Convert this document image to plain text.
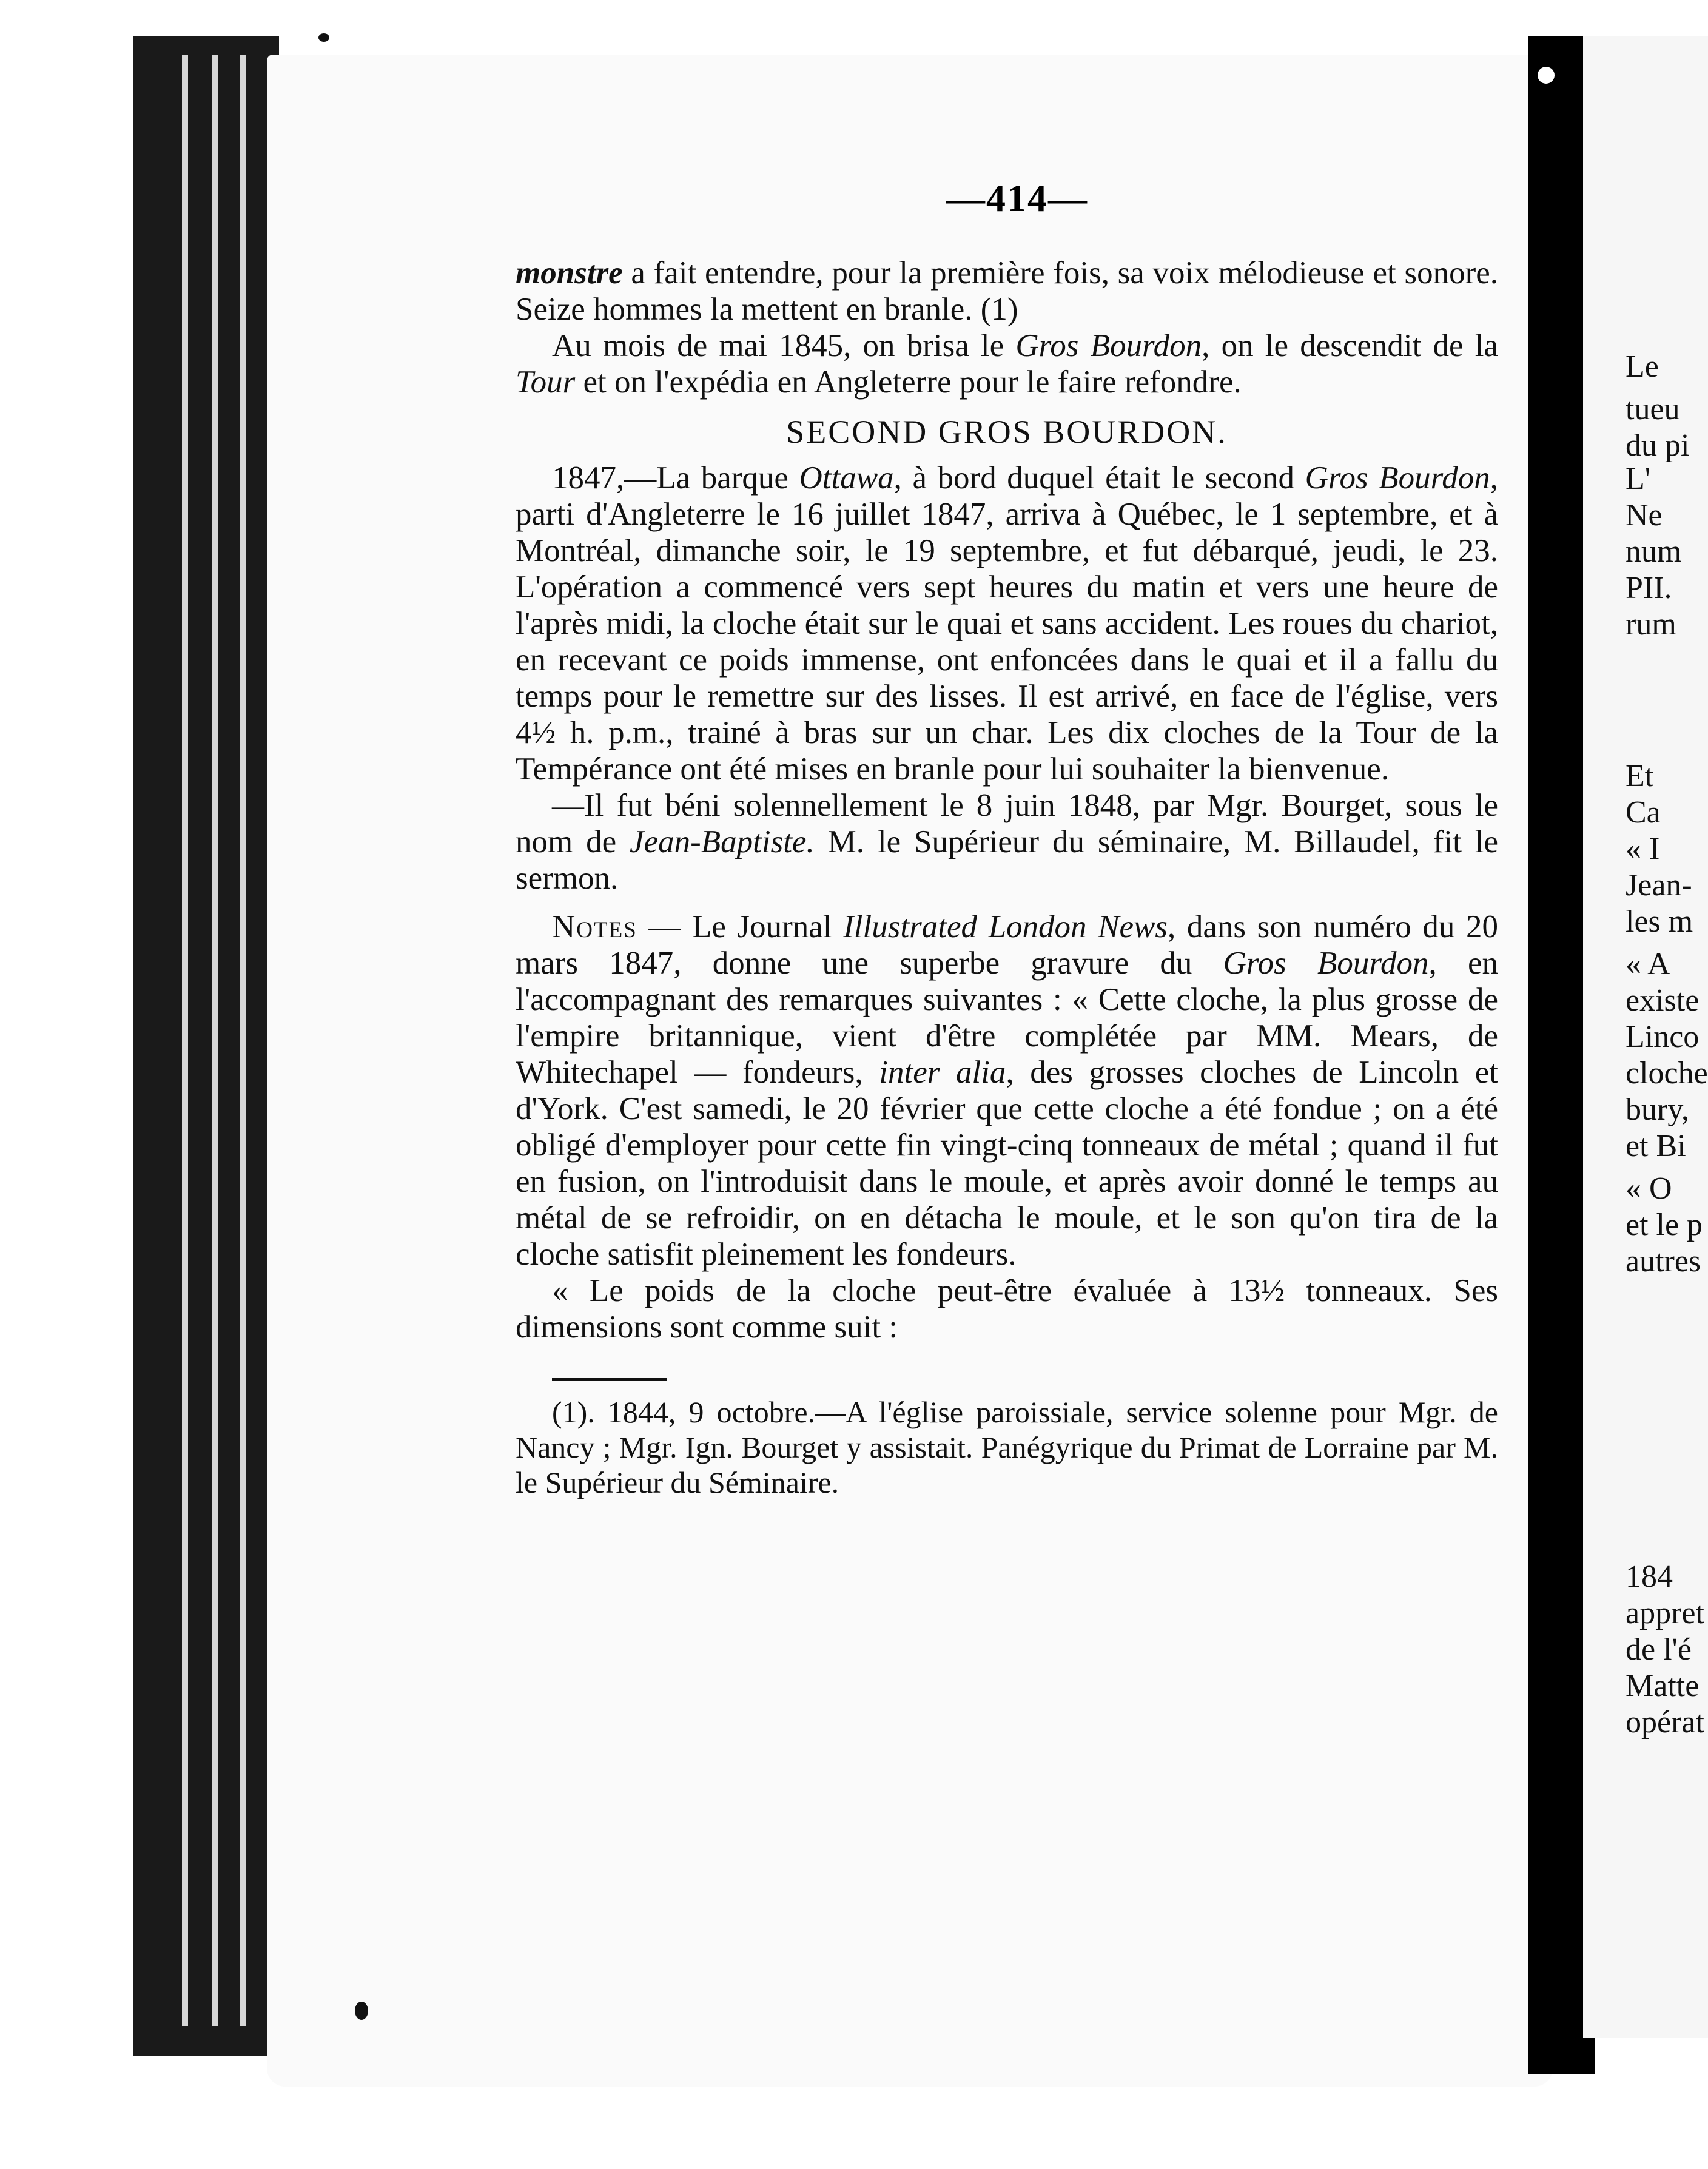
—414—

monstre a fait entendre, pour la première fois, sa voix mélodieuse et sonore. Seize hommes la mettent en branle. (1)

Au mois de mai 1845, on brisa le Gros Bourdon, on le descendit de la Tour et on l'expédia en Angleterre pour le faire refondre.

SECOND GROS BOURDON.

1847,—La barque Ottawa, à bord duquel était le second Gros Bourdon, parti d'Angleterre le 16 juillet 1847, arriva à Québec, le 1 septembre, et à Montréal, dimanche soir, le 19 septembre, et fut débarqué, jeudi, le 23. L'opération a commencé vers sept heures du matin et vers une heure de l'après midi, la cloche était sur le quai et sans accident. Les roues du chariot, en recevant ce poids immense, ont enfoncées dans le quai et il a fallu du temps pour le remettre sur des lisses. Il est arrivé, en face de l'église, vers 4½ h. p.m., trainé à bras sur un char. Les dix cloches de la Tour de la Tempérance ont été mises en branle pour lui souhaiter la bienvenue.

—Il fut béni solennellement le 8 juin 1848, par Mgr. Bourget, sous le nom de Jean-Baptiste. M. le Supérieur du séminaire, M. Billaudel, fit le sermon.

Notes — Le Journal Illustrated London News, dans son numéro du 20 mars 1847, donne une superbe gravure du Gros Bourdon, en l'accompagnant des remarques suivantes : « Cette cloche, la plus grosse de l'empire britannique, vient d'être complétée par MM. Mears, de Whitechapel — fondeurs, inter alia, des grosses cloches de Lincoln et d'York. C'est samedi, le 20 février que cette cloche a été fondue ; on a été obligé d'employer pour cette fin vingt-cinq tonneaux de métal ; quand il fut en fusion, on l'introduisit dans le moule, et après avoir donné le temps au métal de se refroidir, on en détacha le moule, et le son qu'on tira de la cloche satisfit pleinement les fondeurs.

« Le poids de la cloche peut-être évaluée à 13½ tonneaux. Ses dimensions sont comme suit :

(1). 1844, 9 octobre.—A l'église paroissiale, service solenne pour Mgr. de Nancy ; Mgr. Ign. Bourget y assistait. Panégyrique du Primat de Lorraine par M. le Supérieur du Séminaire.

Le
tueu
du pi
L'
Ne
num
PII.
rum
Et
Ca
« I
Jean-
les m
« A
existe
Linco
cloche
bury,
et Bi
« O
et le p
autres
184
appret
de l'é
Matte
opérat
